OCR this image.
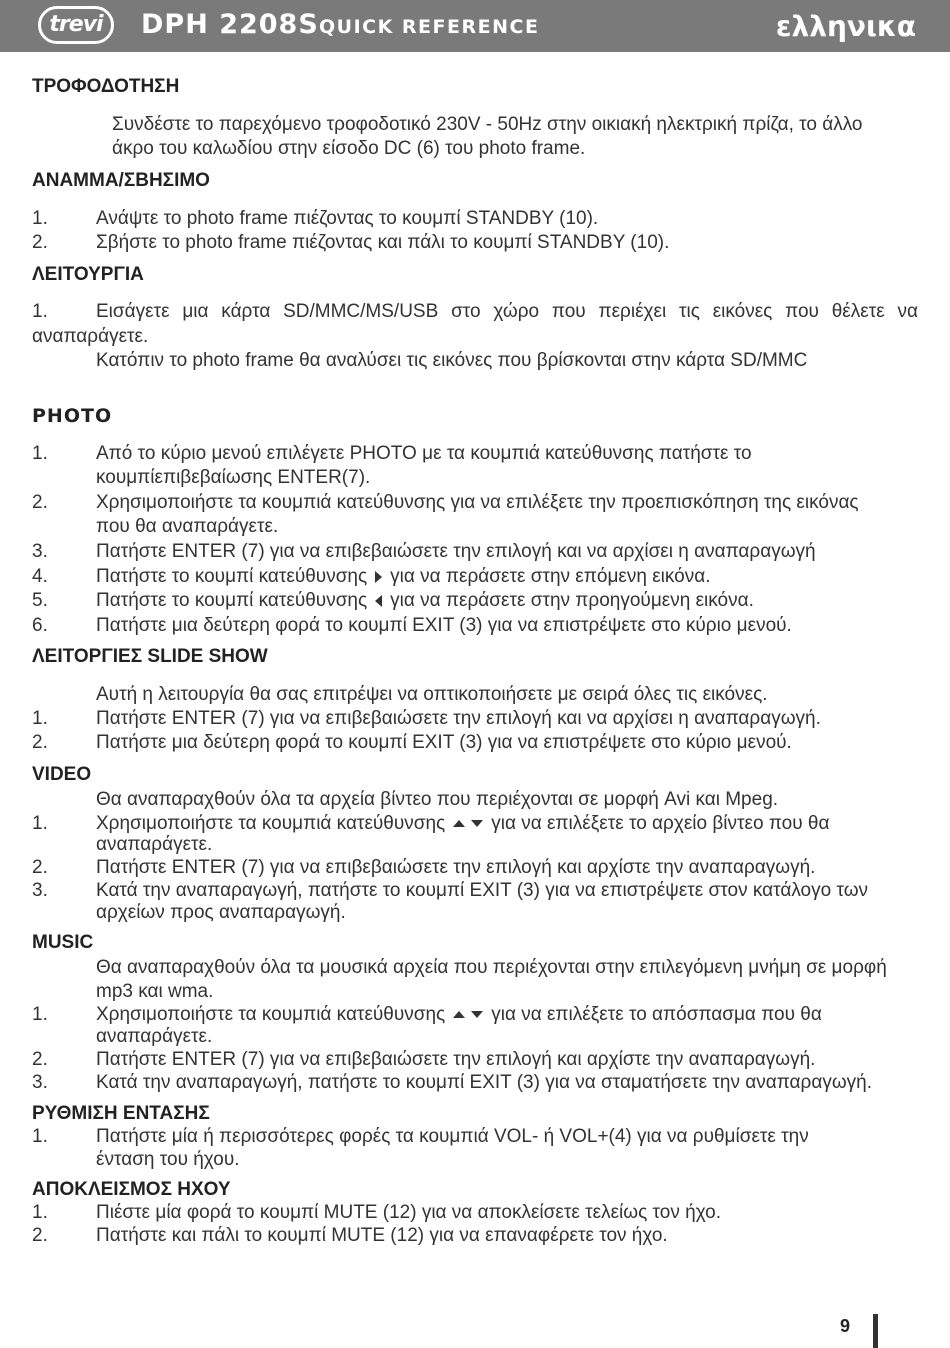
trevi	DPH 2208S QUICK REFERENCE	ελληνικα
ΤΡΟΦΟΔΟΤΗΣΗ
Συνδέστε το παρεχόμενο τροφοδοτικό 230V - 50Hz στην οικιακή ηλεκτρική πρίζα, το άλλο
άκρο του καλωδίου στην είσοδο DC (6) του photo frame.
ΑΝΑΜΜΑ/ΣΒΗΣΙΜΟ
1.	Ανάψτε το photo frame πιέζοντας το κουμπί STANDBY (10).
2.	Σβήστε το photo frame πιέζοντας και πάλι το κουμπί STANDBY (10).
ΛΕΙΤΟΥΡΓΙΑ
1.	Εισάγετε μια κάρτα SD/MMC/MS/USB στο χώρο που περιέχει τις εικόνες που θέλετε να
αναπαράγετε.
Κατόπιν το photo frame θα αναλύσει τις εικόνες που βρίσκονται στην κάρτα SD/MMC
PHOTO
1.	Από το κύριο μενού επιλέγετε PHOTO με τα κουμπιά κατεύθυνσης πατήστε το
κουμπίεπιβεβαίωσης ENTER(7).
2.	Χρησιμοποιήστε τα κουμπιά κατεύθυνσης για να επιλέξετε την προεπισκόπηση της εικόνας
που θα αναπαράγετε.
3.	Πατήστε ENTER (7) για να επιβεβαιώσετε την επιλογή και να αρχίσει η αναπαραγωγή
4.	Πατήστε το κουμπί κατεύθυνσης για να περάσετε στην επόμενη εικόνα.
5.	Πατήστε το κουμπί κατεύθυνσης για να περάσετε στην προηγούμενη εικόνα.
6.	Πατήστε μια δεύτερη φορά το κουμπί EXIT (3) για να επιστρέψετε στο κύριο μενού.
ΛΕΙΤΟΡΓΙΕΣ SLIDE SHOW
Αυτή η λειτουργία θα σας επιτρέψει να οπτικοποιήσετε με σειρά όλες τις εικόνες.
1.	Πατήστε ENTER (7) για να επιβεβαιώσετε την επιλογή και να αρχίσει η αναπαραγωγή.
2.	Πατήστε μια δεύτερη φορά το κουμπί EXIT (3) για να επιστρέψετε στο κύριο μενού.
VIDEO
Θα αναπαραχθούν όλα τα αρχεία βίντεο που περιέχονται σε μορφή Avi και Mpeg.
1.	Χρησιμοποιήστε τα κουμπιά κατεύθυνσης για να επιλέξετε το αρχείο βίντεο που θα
αναπαράγετε.
2.	Πατήστε ENTER (7) για να επιβεβαιώσετε την επιλογή και αρχίστε την αναπαραγωγή.
3.	Κατά την αναπαραγωγή, πατήστε το κουμπί EXIT (3) για να επιστρέψετε στον κατάλογο των
αρχείων προς αναπαραγωγή.
MUSIC
Θα αναπαραχθούν όλα τα μουσικά αρχεία που περιέχονται στην επιλεγόμενη μνήμη σε μορφή
mp3 και wma.
1.	Χρησιμοποιήστε τα κουμπιά κατεύθυνσης για να επιλέξετε το απόσπασμα που θα
αναπαράγετε.
2.	Πατήστε ENTER (7) για να επιβεβαιώσετε την επιλογή και αρχίστε την αναπαραγωγή.
3.	Κατά την αναπαραγωγή, πατήστε το κουμπί EXIT (3) για να σταματήσετε την αναπαραγωγή.
ΡΥΘΜΙΣΗ ΕΝΤΑΣΗΣ
1.	Πατήστε μία ή περισσότερες φορές τα κουμπιά VOL- ή VOL+(4) για να ρυθμίσετε την
ένταση του ήχου.
ΑΠΟΚΛΕΙΣΜΟΣ ΗΧΟΥ
1.	Πιέστε μία φορά το κουμπί MUTE (12) για να αποκλείσετε τελείως τον ήχο.
2.	Πατήστε και πάλι το κουμπί MUTE (12) για να επαναφέρετε τον ήχο.
9
